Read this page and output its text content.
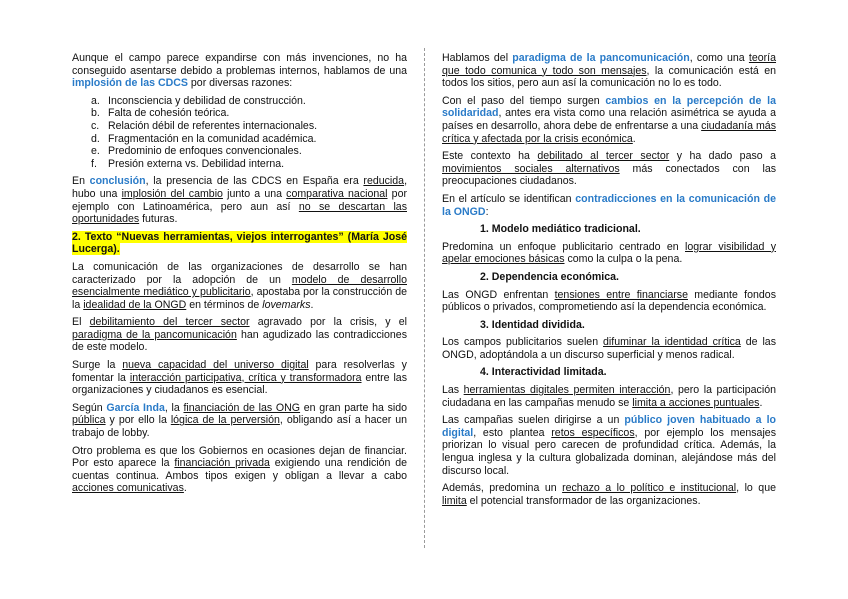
Aunque el campo parece expandirse con más invenciones, no ha conseguido asentarse debido a problemas internos, hablamos de una implosión de las CDCS por diversas razones:

a. Inconsciencia y debilidad de construcción.
b. Falta de cohesión teórica.
c. Relación débil de referentes internacionales.
d. Fragmentación en la comunidad académica.
e. Predominio de enfoques convencionales.
f. Presión externa vs. Debilidad interna.

En conclusión, la presencia de las CDCS en España era reducida, hubo una implosión del cambio junto a una comparativa nacional por ejemplo con Latinoamérica, pero aun así no se descartan las oportunidades futuras.

2. Texto “Nuevas herramientas, viejos interrogantes” (María José Lucerga).

La comunicación de las organizaciones de desarrollo se han caracterizado por la adopción de un modelo de desarrollo esencialmente mediático y publicitario, apostaba por la construcción de la idealidad de la ONGD en términos de lovemarks.

El debilitamiento del tercer sector agravado por la crisis, y el paradigma de la pancomunicación han agudizado las contradicciones de este modelo.

Surge la nueva capacidad del universo digital para resolverlas y fomentar la interacción participativa, crítica y transformadora entre las organizaciones y ciudadanos es esencial.

Según García Inda, la financiación de las ONG en gran parte ha sido pública y por ello la lógica de la perversión, obligando así a hacer un trabajo de lobby.

Otro problema es que los Gobiernos en ocasiones dejan de financiar. Por esto aparece la financiación privada exigiendo una rendición de cuentas continua. Ambos tipos exigen y obligan a llevar a cabo acciones comunicativas.

Hablamos del paradigma de la pancomunicación, como una teoría que todo comunica y todo son mensajes, la comunicación está en todos los sitios, pero aun así la comunicación no lo es todo.

Con el paso del tiempo surgen cambios en la percepción de la solidaridad, antes era vista como una relación asimétrica se ayuda a países en desarrollo, ahora debe de enfrentarse a una ciudadanía más crítica y afectada por la crisis económica.

Este contexto ha debilitado al tercer sector y ha dado paso a movimientos sociales alternativos más conectados con las preocupaciones ciudadanos.

En el artículo se identifican contradicciones en la comunicación de la ONGD:

1. Modelo mediático tradicional.

Predomina un enfoque publicitario centrado en lograr visibilidad y apelar emociones básicas como la culpa o la pena.

2. Dependencia económica.

Las ONGD enfrentan tensiones entre financiarse mediante fondos públicos o privados, comprometiendo así la dependencia económica.

3. Identidad dividida.

Los campos publicitarios suelen difuminar la identidad crítica de las ONGD, adoptándola a un discurso superficial y menos radical.

4. Interactividad limitada.

Las herramientas digitales permiten interacción, pero la participación ciudadana en las campañas menudo se limita a acciones puntuales.

Las campañas suelen dirigirse a un público joven habituado a lo digital, esto plantea retos específicos, por ejemplo los mensajes priorizan lo visual pero carecen de profundidad crítica. Además, la lengua inglesa y la cultura globalizada dominan, alejándose más del discurso local.

Además, predomina un rechazo a lo político e institucional, lo que limita el potencial transformador de las organizaciones.
